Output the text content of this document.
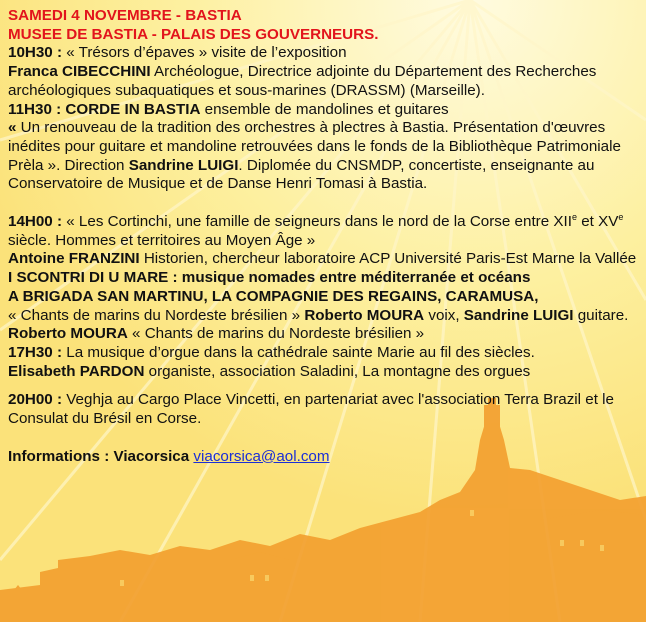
SAMEDI 4 NOVEMBRE - BASTIA
MUSEE DE BASTIA - PALAIS DES GOUVERNEURS.
10H30 : « Trésors d’épaves » visite de l’exposition
Franca CIBECCHINI Archéologue, Directrice adjointe du Département des Recherches archéologiques subaquatiques et sous-marines (DRASSM) (Marseille).
11H30 : CORDE IN BASTIA ensemble de mandolines et guitares
« Un renouveau de la tradition des orchestres à plectres à Bastia. Présentation d'œuvres inédites pour guitare et mandoline retrouvées dans le fonds de la Bibliothèque Patrimoniale Prèla ». Direction Sandrine LUIGI. Diplomée du CNSMDP, concertiste, enseignante au Conservatoire de Musique et de Danse Henri Tomasi à Bastia.
14H00 : « Les Cortinchi, une famille de seigneurs dans le nord de la Corse entre XIIe et XVe siècle. Hommes et territoires au Moyen Âge »
Antoine FRANZINI Historien, chercheur laboratoire ACP Université Paris-Est Marne la Vallée
I SCONTRI DI U MARE : musique nomades entre méditerranée et océans
A BRIGADA SAN MARTINU, LA COMPAGNIE DES REGAINS, CARAMUSA,
« Chants de marins du Nordeste brésilien » Roberto MOURA voix, Sandrine LUIGI guitare.
Roberto MOURA « Chants de marins du Nordeste brésilien »
17H30 : La musique d’orgue dans la cathédrale sainte Marie au fil des siècles.
Elisabeth PARDON organiste, association Saladini, La montagne des orgues
20H00 : Veghja au Cargo Place Vincetti, en partenariat avec l'association Terra Brazil et le Consulat du Brésil en Corse.
Informations : Viacorsica viacorsica@aol.com
